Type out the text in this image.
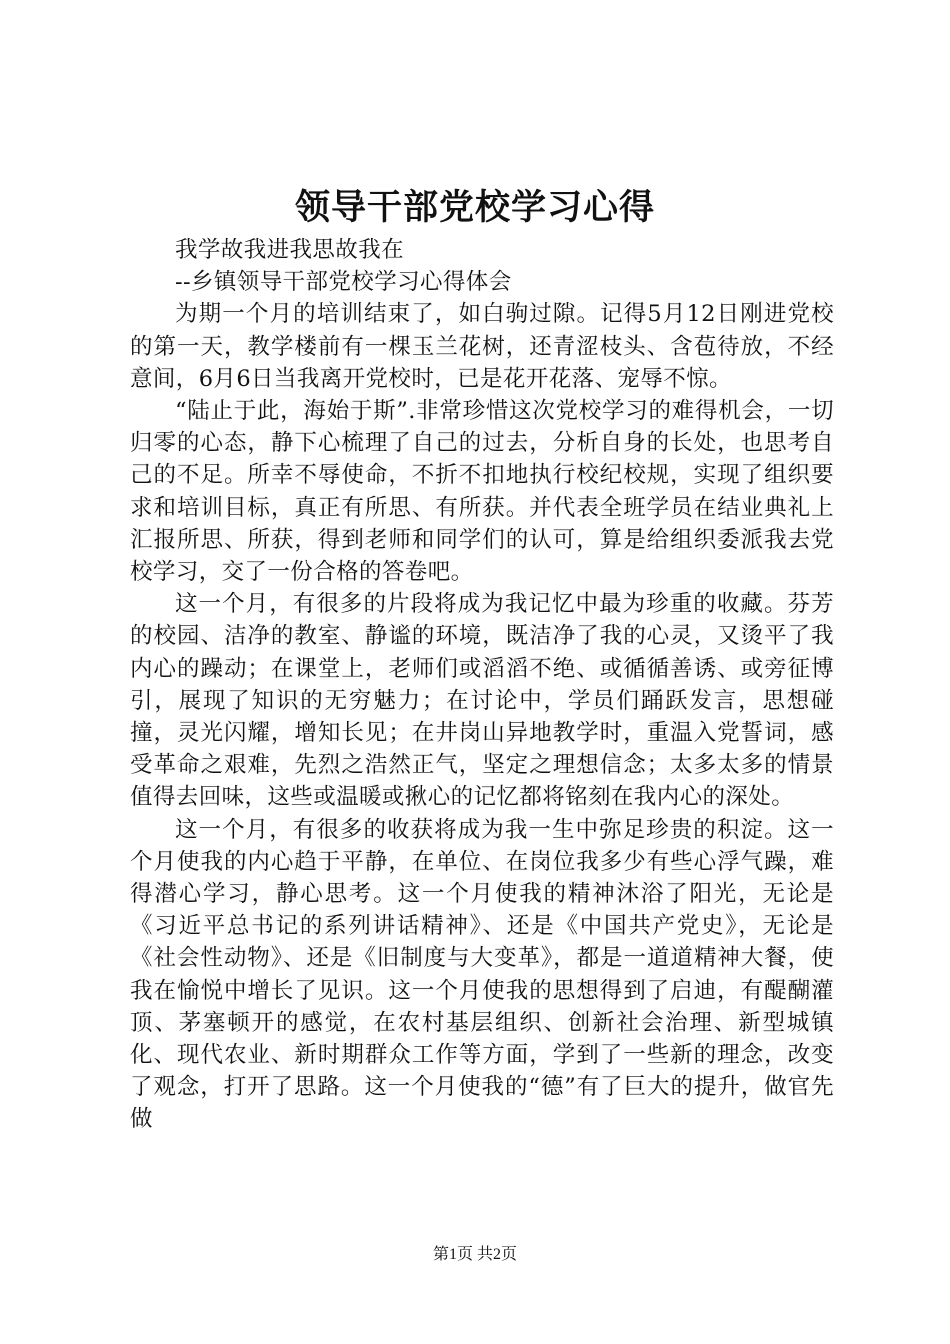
领导干部党校学习心得

我学故我进我思故我在

--乡镇领导干部党校学习心得体会

为期一个月的培训结束了，如白驹过隙。记得5月12日刚进党校的第一天，教学楼前有一棵玉兰花树，还青涩枝头、含苞待放，不经意间，6月6日当我离开党校时，已是花开花落、宠辱不惊。

“陆止于此，海始于斯”.非常珍惜这次党校学习的难得机会，一切归零的心态，静下心梳理了自己的过去，分析自身的长处，也思考自己的不足。所幸不辱使命，不折不扣地执行校纪校规，实现了组织要求和培训目标，真正有所思、有所获。并代表全班学员在结业典礼上汇报所思、所获，得到老师和同学们的认可，算是给组织委派我去党校学习，交了一份合格的答卷吧。

这一个月，有很多的片段将成为我记忆中最为珍重的收藏。芬芳的校园、洁净的教室、静谧的环境，既洁净了我的心灵，又烫平了我内心的躁动；在课堂上，老师们或滔滔不绝、或循循善诱、或旁征博引，展现了知识的无穷魅力；在讨论中，学员们踊跃发言，思想碰撞，灵光闪耀，增知长见；在井岗山异地教学时，重温入党誓词，感受革命之艰难，先烈之浩然正气，坚定之理想信念；太多太多的情景值得去回味，这些或温暖或揪心的记忆都将铭刻在我内心的深处。

这一个月，有很多的收获将成为我一生中弥足珍贵的积淀。这一个月使我的内心趋于平静，在单位、在岗位我多少有些心浮气躁，难得潜心学习，静心思考。这一个月使我的精神沐浴了阳光，无论是《习近平总书记的系列讲话精神》、还是《中国共产党史》，无论是《社会性动物》、还是《旧制度与大变革》，都是一道道精神大餐，使我在愉悦中增长了见识。这一个月使我的思想得到了启迪，有醍醐灌顶、茅塞顿开的感觉，在农村基层组织、创新社会治理、新型城镇化、现代农业、新时期群众工作等方面，学到了一些新的理念，改变了观念，打开了思路。这一个月使我的“德”有了巨大的提升，做官先做

第1页 共2页
